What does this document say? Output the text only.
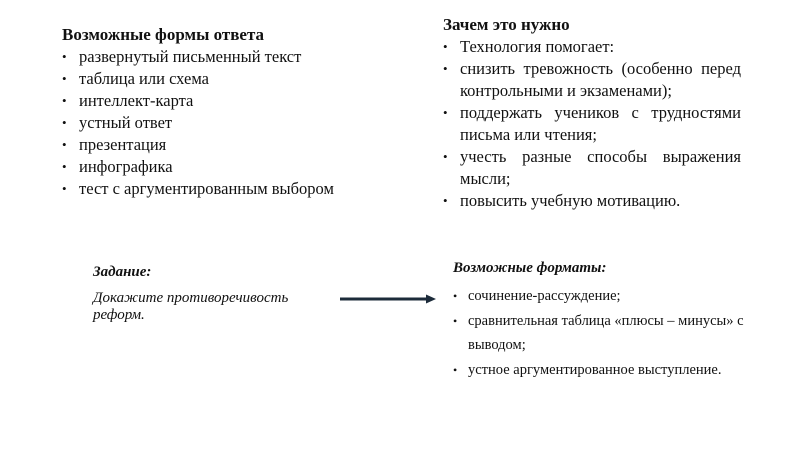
Возможные формы ответа

• развернутый письменный текст
• таблица или схема
• интеллект-карта
• устный ответ
• презентация
• инфографика
• тест с аргументированным выбором

Зачем это нужно

• Технология помогает:
• снизить тревожность (особенно перед контрольными и экзаменами);
• поддержать учеников с трудностями письма или чтения;
• учесть разные способы выражения мысли;
• повысить учебную мотивацию.

Задание:

Докажите противоречивость реформ.

Возможные форматы:

• сочинение-рассуждение;
• сравнительная таблица «плюсы – минусы» с выводом;
• устное аргументированное выступление.
